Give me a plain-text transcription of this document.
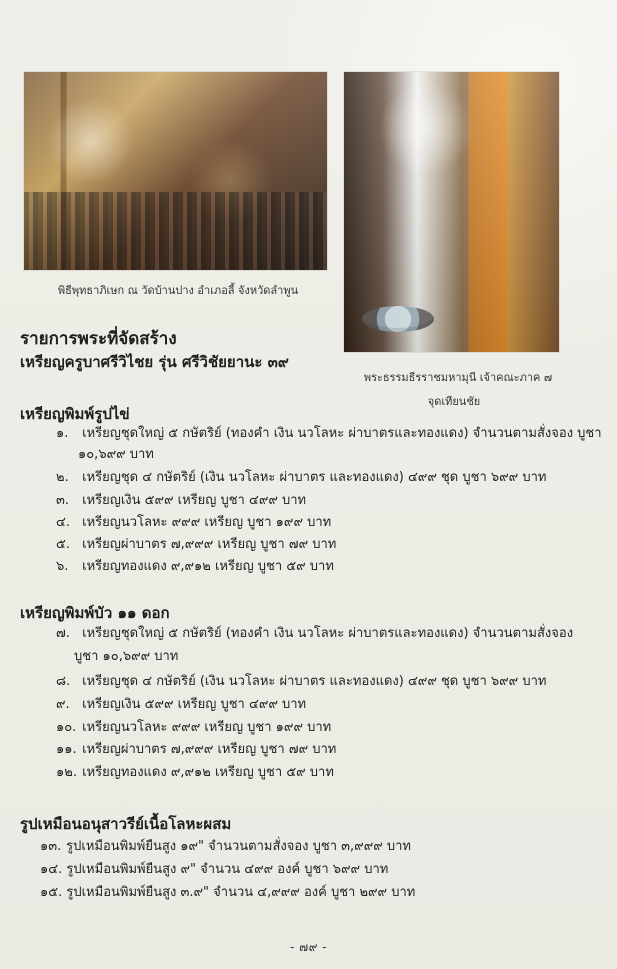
พิธีพุทธาภิเษก ณ วัดบ้านปาง อำเภอลี้ จังหวัดลำพูน
พระธรรมธีรราชมหามุนี เจ้าคณะภาค ๗
จุดเทียนชัย
รายการพระที่จัดสร้าง
เหรียญครูบาศรีวิไชย รุ่น ศรีวิชัยยานะ ๓๙
เหรียญพิมพ์รูปไข่
๑. เหรียญชุดใหญ่ ๕ กษัตริย์ (ทองคำ เงิน นวโลหะ ผ่าบาตรและทองแดง) จำนวนตามสั่งจอง บูชา
๑๐,๖๙๙ บาท
๒. เหรียญชุด ๔ กษัตริย์ (เงิน นวโลหะ ผ่าบาตร และทองแดง) ๔๙๙ ชุด บูชา ๖๙๙ บาท
๓. เหรียญเงิน ๕๙๙ เหรียญ บูชา ๔๙๙ บาท
๔. เหรียญนวโลหะ ๙๙๙ เหรียญ บูชา ๑๙๙ บาท
๕. เหรียญผ่าบาตร ๗,๙๙๙ เหรียญ บูชา ๗๙ บาท
๖. เหรียญทองแดง ๙,๙๑๒ เหรียญ บูชา ๕๙ บาท
เหรียญพิมพ์บัว ๑๑ ดอก
๗. เหรียญชุดใหญ่ ๕ กษัตริย์ (ทองคำ เงิน นวโลหะ ผ่าบาตรและทองแดง) จำนวนตามสั่งจอง
บูชา ๑๐,๖๙๙ บาท
๘. เหรียญชุด ๔ กษัตริย์ (เงิน นวโลหะ ผ่าบาตร และทองแดง) ๔๙๙ ชุด บูชา ๖๙๙ บาท
๙. เหรียญเงิน ๕๙๙ เหรียญ บูชา ๔๙๙ บาท
๑๐. เหรียญนวโลหะ ๙๙๙ เหรียญ บูชา ๑๙๙ บาท
๑๑. เหรียญผ่าบาตร ๗,๙๙๙ เหรียญ บูชา ๗๙ บาท
๑๒. เหรียญทองแดง ๙,๙๑๒ เหรียญ บูชา ๕๙ บาท
รูปเหมือนอนุสาวรีย์เนื้อโลหะผสม
๑๓. รูปเหมือนพิมพ์ยืนสูง ๑๙" จำนวนตามสั่งจอง บูชา ๓,๙๙๙ บาท
๑๔. รูปเหมือนพิมพ์ยืนสูง ๙" จำนวน ๔๙๙ องค์ บูชา ๖๙๙ บาท
๑๕. รูปเหมือนพิมพ์ยืนสูง ๓.๙" จำนวน ๔,๙๙๙ องค์ บูชา ๒๙๙ บาท
- ๗๙ -
